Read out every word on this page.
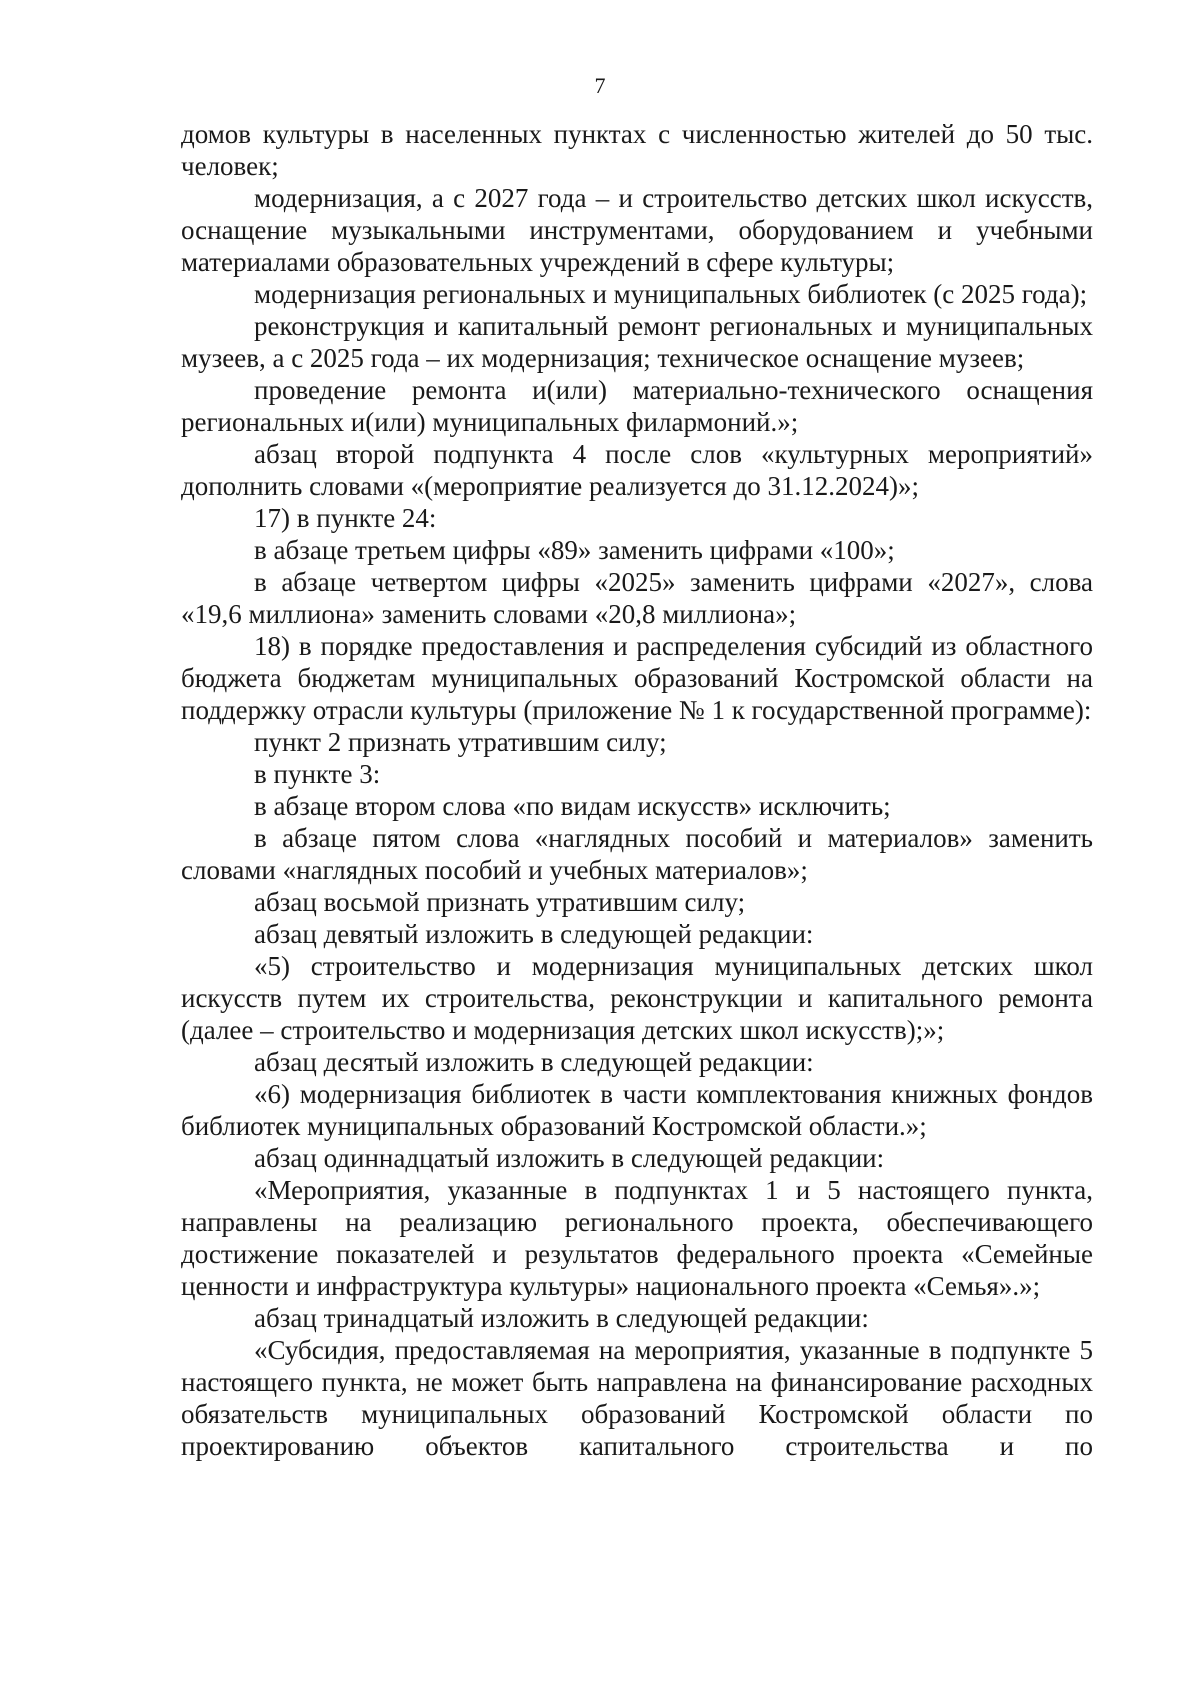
7

домов культуры в населенных пунктах с численностью жителей до 50 тыс. человек;

модернизация, а с 2027 года – и строительство детских школ искусств, оснащение музыкальными инструментами, оборудованием и учебными материалами образовательных учреждений в сфере культуры;

модернизация региональных и муниципальных библиотек (с 2025 года);

реконструкция и капитальный ремонт региональных и муниципальных музеев, а с 2025 года – их модернизация; техническое оснащение музеев;

проведение ремонта и(или) материально-технического оснащения региональных и(или) муниципальных филармоний.»;

абзац второй подпункта 4 после слов «культурных мероприятий» дополнить словами «(мероприятие реализуется до 31.12.2024)»;

17) в пункте 24:

в абзаце третьем цифры «89» заменить цифрами «100»;

в абзаце четвертом цифры «2025» заменить цифрами «2027», слова «19,6 миллиона» заменить словами «20,8 миллиона»;

18) в порядке предоставления и распределения субсидий из областного бюджета бюджетам муниципальных образований Костромской области на поддержку отрасли культуры (приложение № 1 к государственной программе):

пункт 2 признать утратившим силу;

в пункте 3:

в абзаце втором слова «по видам искусств» исключить;

в абзаце пятом слова «наглядных пособий и материалов» заменить словами «наглядных пособий и учебных материалов»;

абзац восьмой признать утратившим силу;

абзац девятый изложить в следующей редакции:

«5) строительство и модернизация муниципальных детских школ искусств путем их строительства, реконструкции и капитального ремонта (далее – строительство и модернизация детских школ искусств);»;

абзац десятый изложить в следующей редакции:

«6) модернизация библиотек в части комплектования книжных фондов библиотек муниципальных образований Костромской области.»;

абзац одиннадцатый изложить в следующей редакции:

«Мероприятия, указанные в подпунктах 1 и 5 настоящего пункта, направлены на реализацию регионального проекта, обеспечивающего достижение показателей и результатов федерального проекта «Семейные ценности и инфраструктура культуры» национального проекта «Семья».»;

абзац тринадцатый изложить в следующей редакции:

«Субсидия, предоставляемая на мероприятия, указанные в подпункте 5 настоящего пункта, не может быть направлена на финансирование расходных обязательств муниципальных образований Костромской области по проектированию объектов капитального строительства и по
